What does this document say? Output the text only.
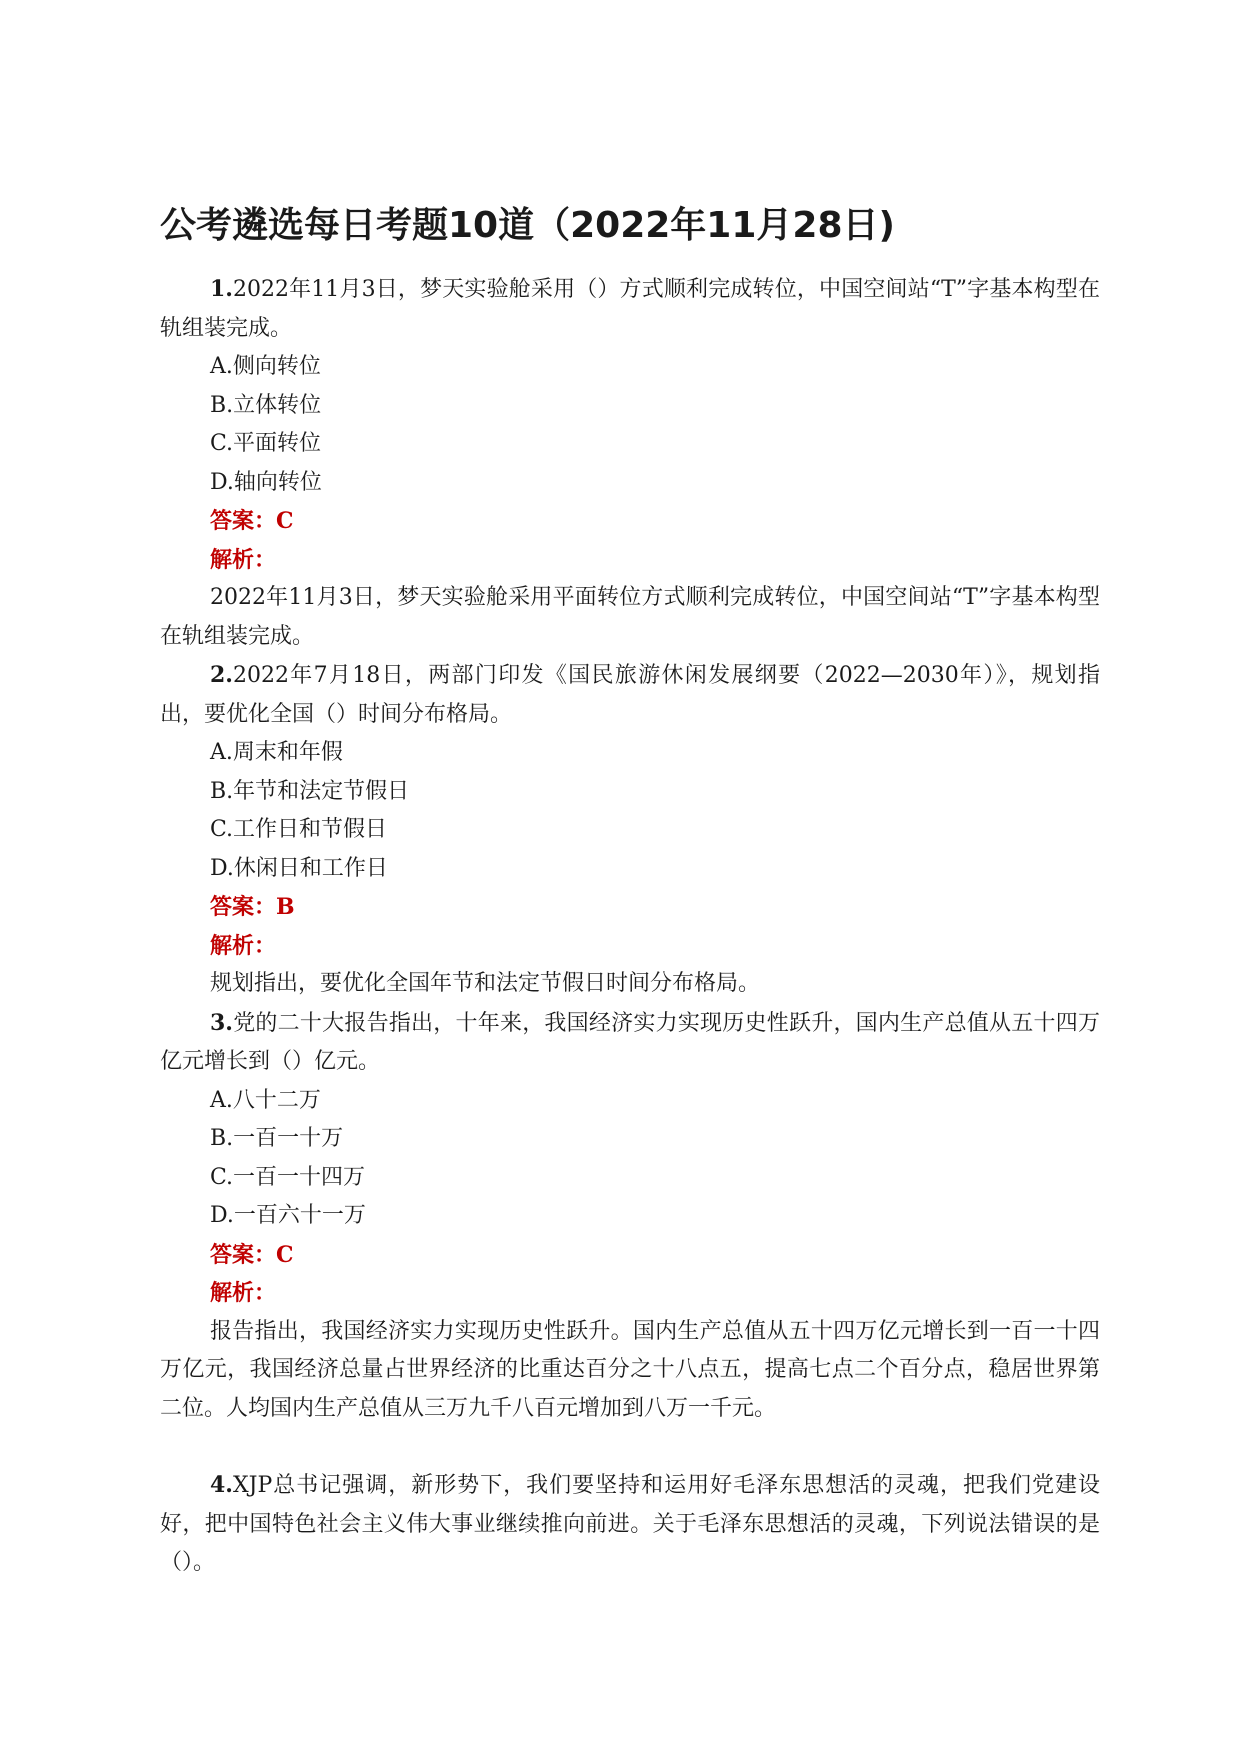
公考遴选每日考题10道（2022年11月28日)

1.2022年11月3日，梦天实验舱采用（）方式顺利完成转位，中国空间站“T”字基本构型在轨组装完成。

A.侧向转位

B.立体转位

C.平面转位

D.轴向转位

答案：C

解析：

2022年11月3日，梦天实验舱采用平面转位方式顺利完成转位，中国空间站“T”字基本构型在轨组装完成。

2.2022年7月18日，两部门印发《国民旅游休闲发展纲要（2022—2030年）》，规划指出，要优化全国（）时间分布格局。

A.周末和年假

B.年节和法定节假日

C.工作日和节假日

D.休闲日和工作日

答案：B

解析：

规划指出，要优化全国年节和法定节假日时间分布格局。

3.党的二十大报告指出，十年来，我国经济实力实现历史性跃升，国内生产总值从五十四万亿元增长到（）亿元。

A.八十二万

B.一百一十万

C.一百一十四万

D.一百六十一万

答案：C

解析：

报告指出，我国经济实力实现历史性跃升。国内生产总值从五十四万亿元增长到一百一十四万亿元，我国经济总量占世界经济的比重达百分之十八点五，提高七点二个百分点，稳居世界第二位。人均国内生产总值从三万九千八百元增加到八万一千元。

4.XJP总书记强调，新形势下，我们要坚持和运用好毛泽东思想活的灵魂，把我们党建设好，把中国特色社会主义伟大事业继续推向前进。关于毛泽东思想活的灵魂，下列说法错误的是（）。
